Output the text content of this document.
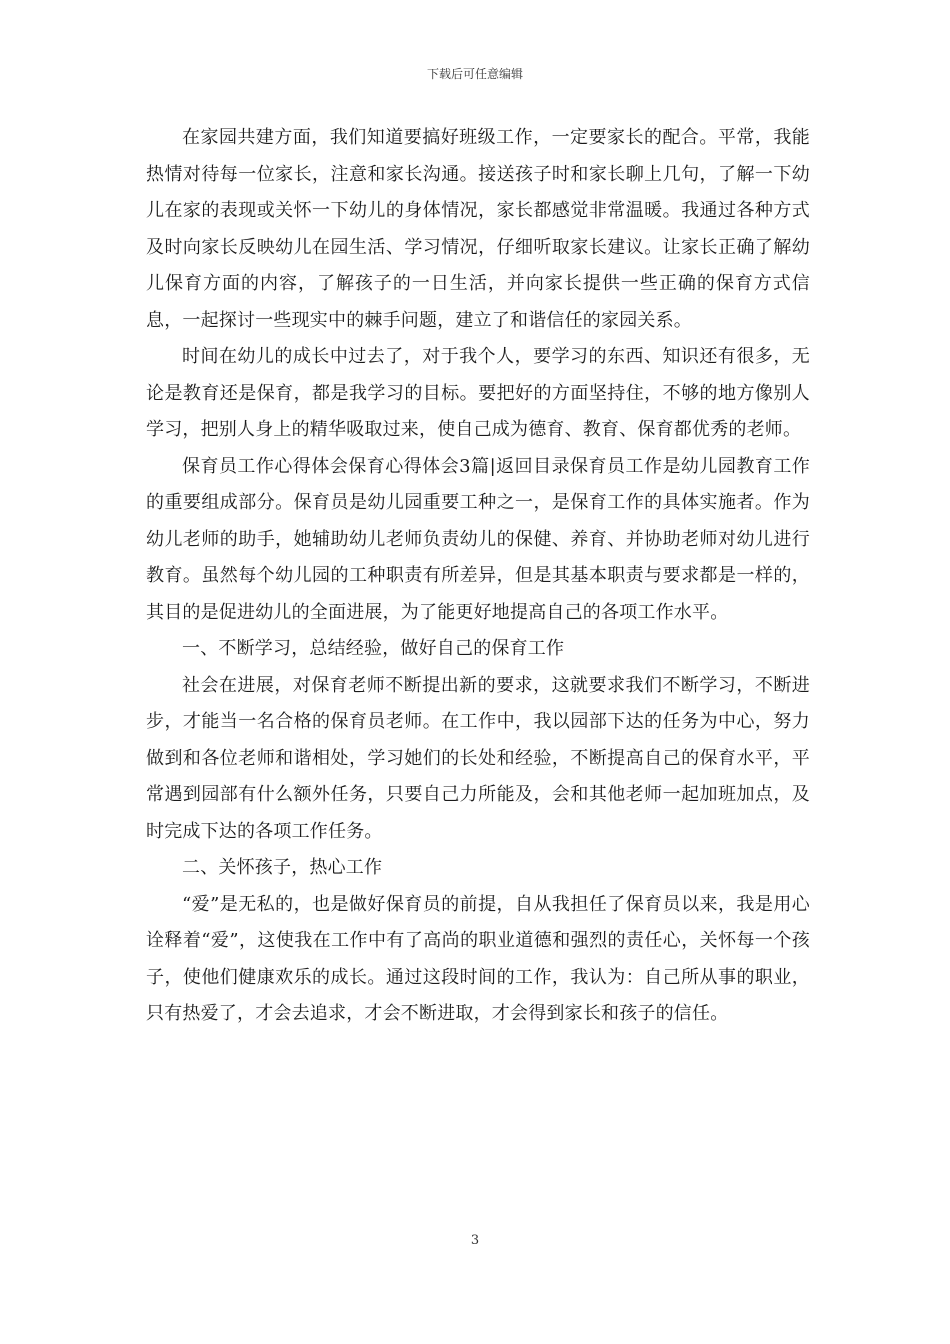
下载后可任意编辑

在家园共建方面，我们知道要搞好班级工作，一定要家长的配合。平常，我能热情对待每一位家长，注意和家长沟通。接送孩子时和家长聊上几句，了解一下幼儿在家的表现或关怀一下幼儿的身体情况，家长都感觉非常温暖。我通过各种方式及时向家长反映幼儿在园生活、学习情况，仔细听取家长建议。让家长正确了解幼儿保育方面的内容，了解孩子的一日生活，并向家长提供一些正确的保育方式信息，一起探讨一些现实中的棘手问题，建立了和谐信任的家园关系。

时间在幼儿的成长中过去了，对于我个人，要学习的东西、知识还有很多，无论是教育还是保育，都是我学习的目标。要把好的方面坚持住，不够的地方像别人学习，把别人身上的精华吸取过来，使自己成为德育、教育、保育都优秀的老师。

保育员工作心得体会保育心得体会3篇|返回目录保育员工作是幼儿园教育工作的重要组成部分。保育员是幼儿园重要工种之一，是保育工作的具体实施者。作为幼儿老师的助手，她辅助幼儿老师负责幼儿的保健、养育、并协助老师对幼儿进行教育。虽然每个幼儿园的工种职责有所差异，但是其基本职责与要求都是一样的，其目的是促进幼儿的全面进展，为了能更好地提高自己的各项工作水平。

一、不断学习，总结经验，做好自己的保育工作

社会在进展，对保育老师不断提出新的要求，这就要求我们不断学习，不断进步，才能当一名合格的保育员老师。在工作中，我以园部下达的任务为中心，努力做到和各位老师和谐相处，学习她们的长处和经验，不断提高自己的保育水平，平常遇到园部有什么额外任务，只要自己力所能及，会和其他老师一起加班加点，及时完成下达的各项工作任务。

二、关怀孩子，热心工作

“爱”是无私的，也是做好保育员的前提，自从我担任了保育员以来，我是用心诠释着“爱”，这使我在工作中有了高尚的职业道德和强烈的责任心，关怀每一个孩子，使他们健康欢乐的成长。通过这段时间的工作，我认为：自己所从事的职业，只有热爱了，才会去追求，才会不断进取，才会得到家长和孩子的信任。

3
